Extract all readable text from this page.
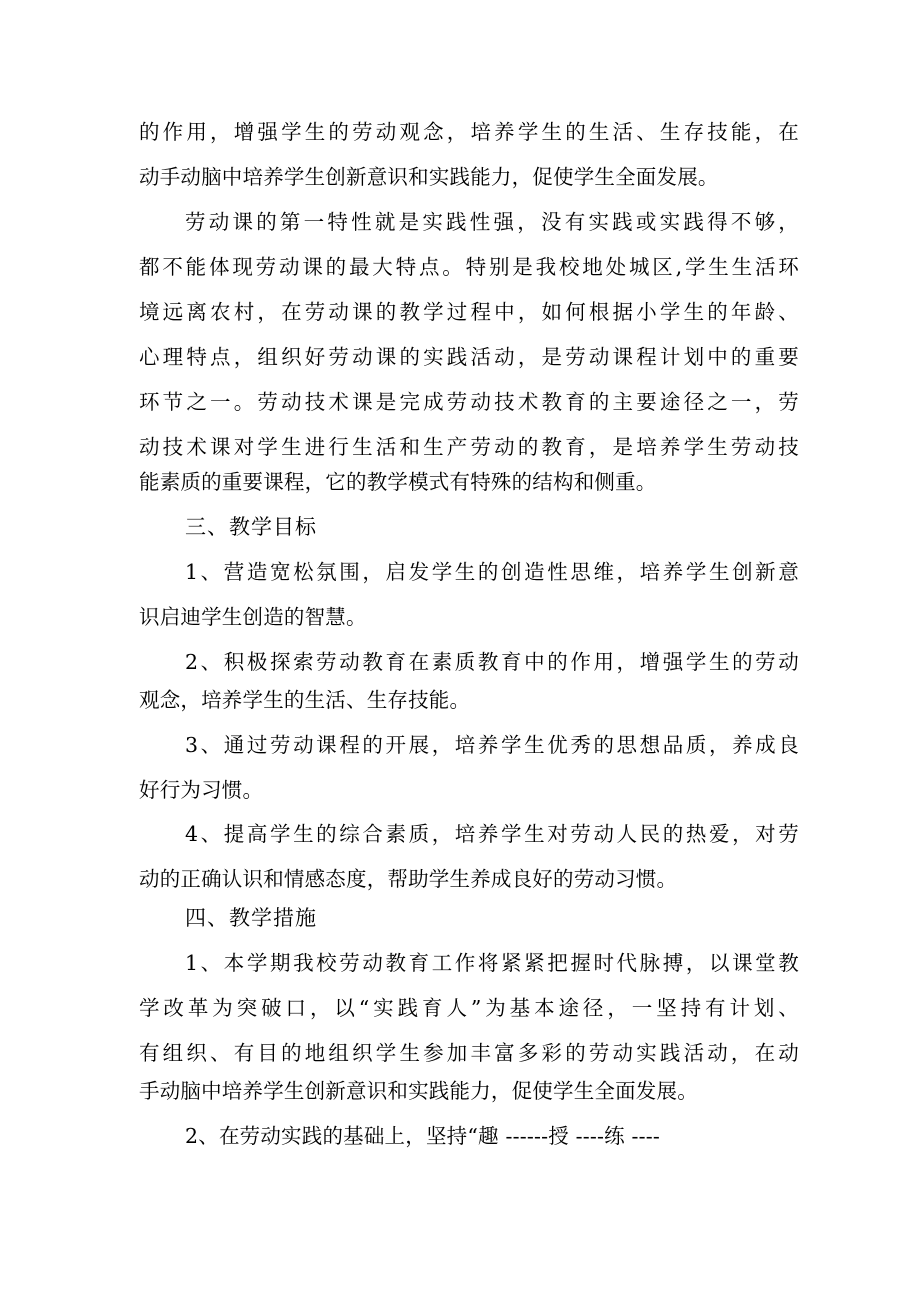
的作用，增强学生的劳动观念，培养学生的生活、生存技能，在
动手动脑中培养学生创新意识和实践能力，促使学生全面发展。
劳动课的第一特性就是实践性强，没有实践或实践得不够，
都不能体现劳动课的最大特点。特别是我校地处城区,学生生活环
境远离农村，在劳动课的教学过程中，如何根据小学生的年龄、
心理特点，组织好劳动课的实践活动，是劳动课程计划中的重要
环节之一。劳动技术课是完成劳动技术教育的主要途径之一，劳
动技术课对学生进行生活和生产劳动的教育，是培养学生劳动技
能素质的重要课程，它的教学模式有特殊的结构和侧重。
三、教学目标
1、营造宽松氛围，启发学生的创造性思维，培养学生创新意
识启迪学生创造的智慧。
2、积极探索劳动教育在素质教育中的作用，增强学生的劳动
观念，培养学生的生活、生存技能。
3、通过劳动课程的开展，培养学生优秀的思想品质，养成良
好行为习惯。
4、提高学生的综合素质，培养学生对劳动人民的热爱，对劳
动的正确认识和情感态度，帮助学生养成良好的劳动习惯。
四、教学措施
1、本学期我校劳动教育工作将紧紧把握时代脉搏，以课堂教
学改革为突破口，以“实践育人”为基本途径，一坚持有计划、
有组织、有目的地组织学生参加丰富多彩的劳动实践活动，在动
手动脑中培养学生创新意识和实践能力，促使学生全面发展。
2、在劳动实践的基础上，坚持“趣 ------授 ----练 ----
